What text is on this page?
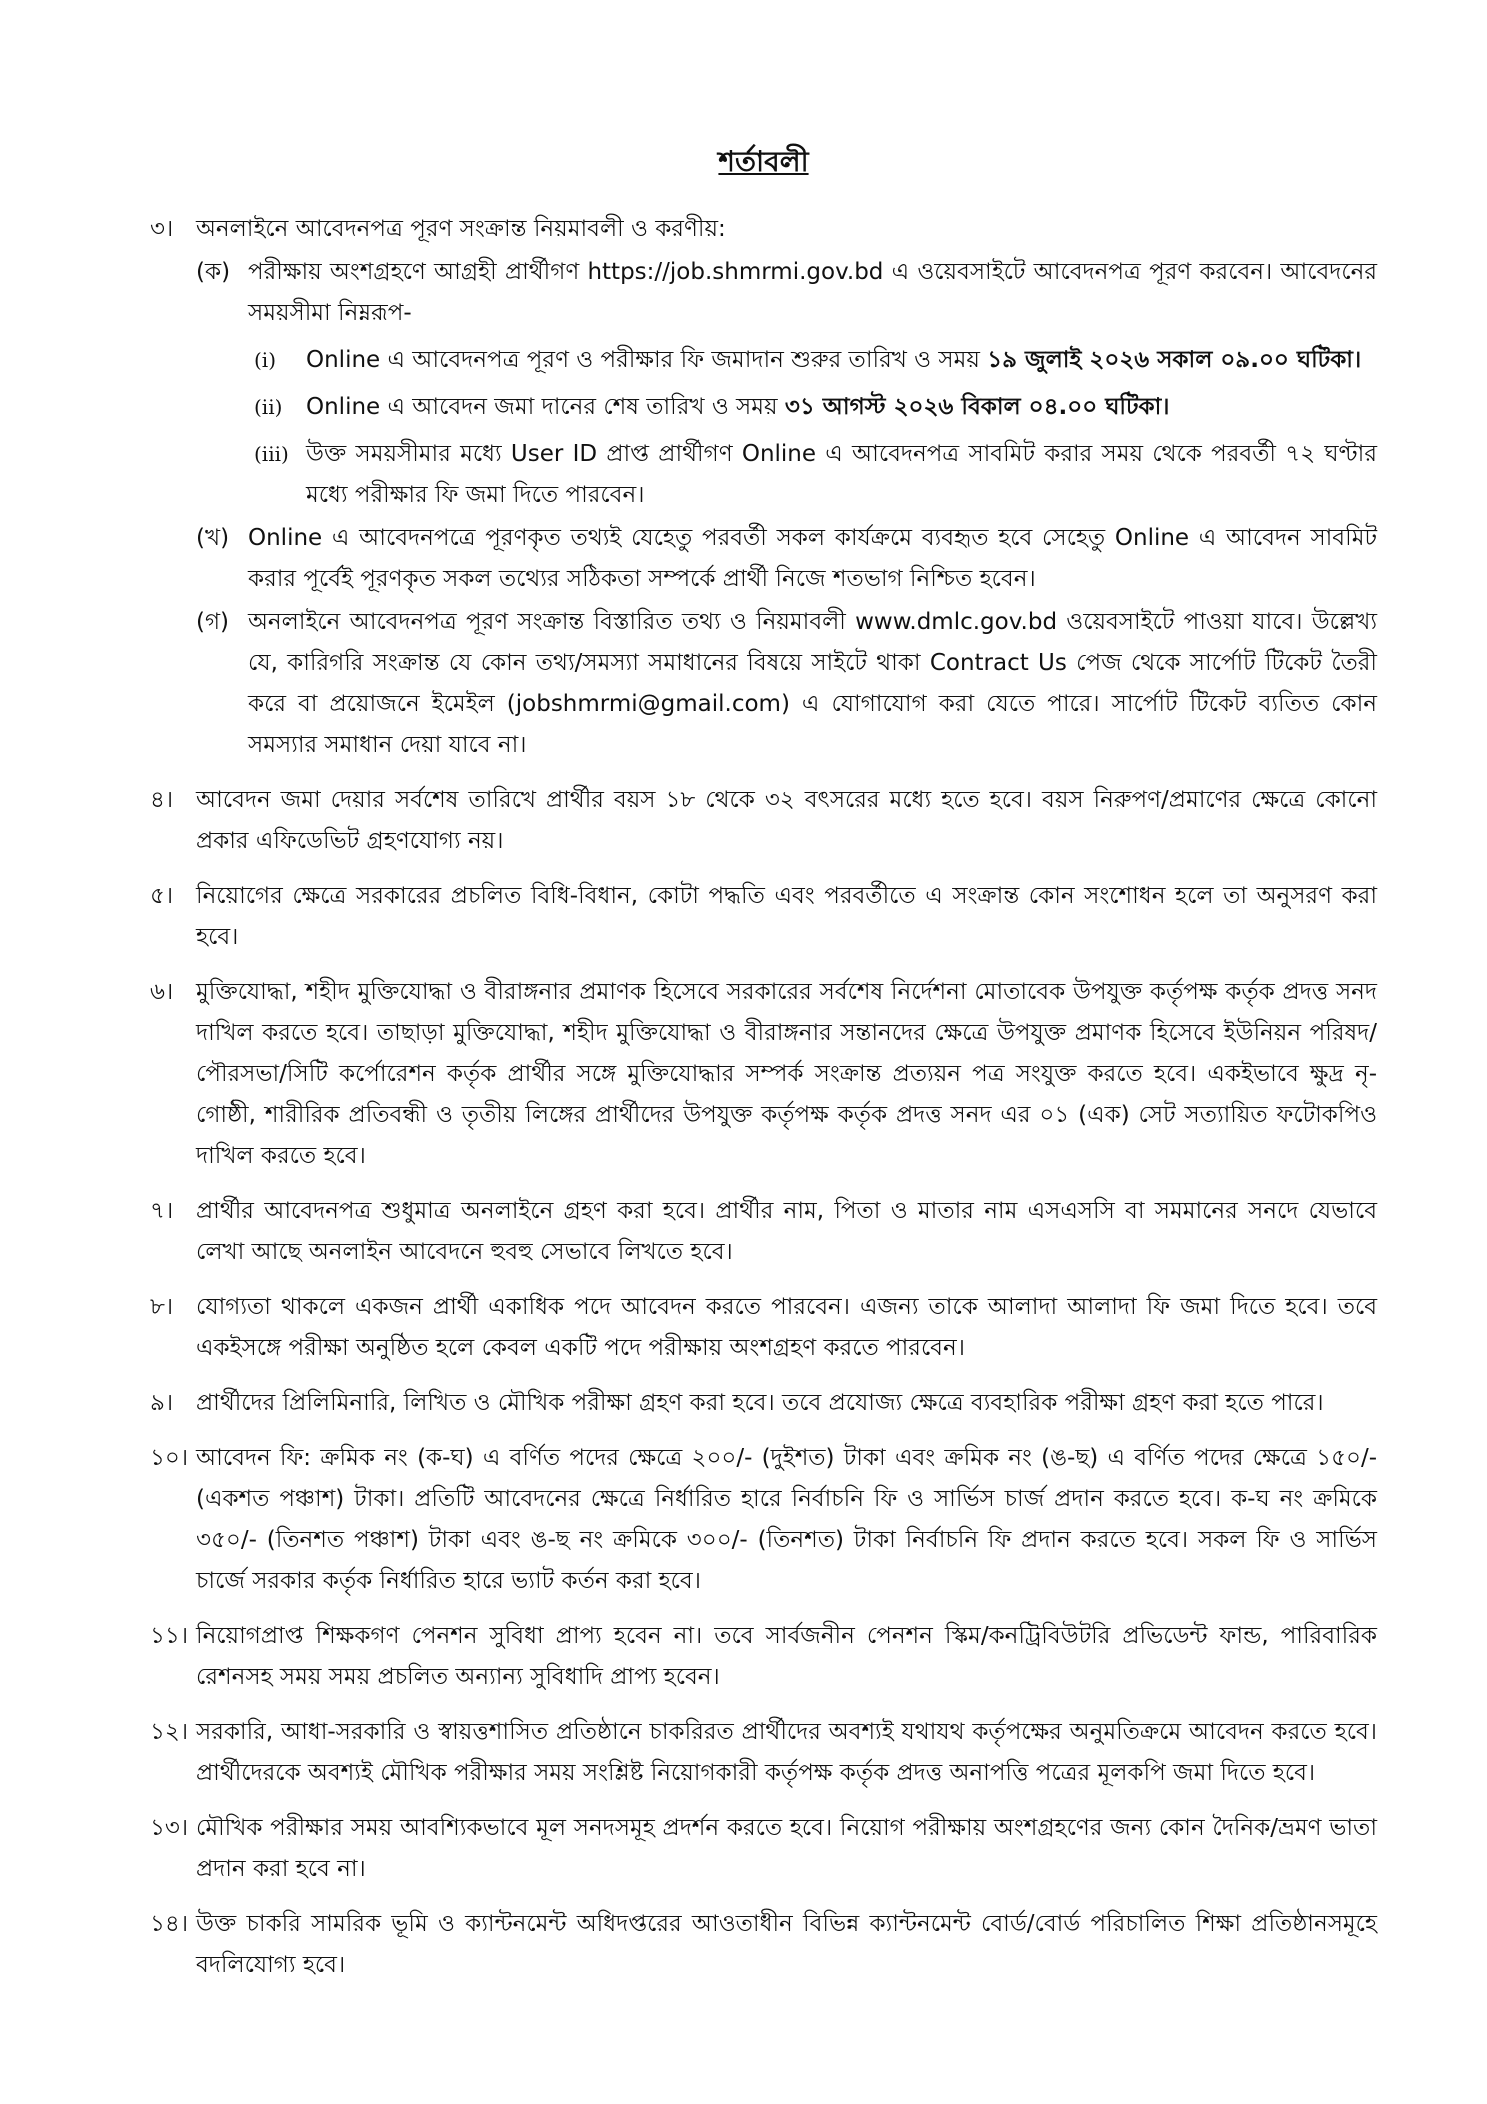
শর্তাবলী
৩। অনলাইনে আবেদনপত্র পূরণ সংক্রান্ত নিয়মাবলী ও করণীয়:
(ক) পরীক্ষায় অংশগ্রহণে আগ্রহী প্রার্থীগণ https://job.shmrmi.gov.bd এ ওয়েবসাইটে আবেদনপত্র পূরণ করবেন। আবেদনের সময়সীমা নিম্নরূপ-
(i)	Online এ আবেদনপত্র পূরণ ও পরীক্ষার ফি জমাদান শুরুর তারিখ ও সময় ১৯ জুলাই ২০২৬ সকাল ০৯.০০ ঘটিকা।
(ii)	Online এ আবেদন জমা দানের শেষ তারিখ ও সময় ৩১ আগস্ট ২০২৬ বিকাল ০৪.০০ ঘটিকা।
(iii) উক্ত সময়সীমার মধ্যে User ID প্রাপ্ত প্রার্থীগণ Online এ আবেদনপত্র সাবমিট করার সময় থেকে পরবর্তী ৭২ ঘণ্টার মধ্যে পরীক্ষার ফি জমা দিতে পারবেন।
(খ) Online এ আবেদনপত্রে পূরণকৃত তথ্যই যেহেতু পরবর্তী সকল কার্যক্রমে ব্যবহৃত হবে সেহেতু Online এ আবেদন সাবমিট করার পূর্বেই পূরণকৃত সকল তথ্যের সঠিকতা সম্পর্কে প্রার্থী নিজে শতভাগ নিশ্চিত হবেন।
(গ) অনলাইনে আবেদনপত্র পূরণ সংক্রান্ত বিস্তারিত তথ্য ও নিয়মাবলী www.dmlc.gov.bd ওয়েবসাইটে পাওয়া যাবে। উল্লেখ্য যে, কারিগরি সংক্রান্ত যে কোন তথ্য/সমস্যা সমাধানের বিষয়ে সাইটে থাকা Contract Us পেজ থেকে সার্পোট টিকেট তৈরী করে বা প্রয়োজনে ইমেইল (jobshmrmi@gmail.com) এ যোগাযোগ করা যেতে পারে। সার্পোট টিকেট ব্যতিত কোন সমস্যার সমাধান দেয়া যাবে না।
৪। আবেদন জমা দেয়ার সর্বশেষ তারিখে প্রার্থীর বয়স ১৮ থেকে ৩২ বৎসরের মধ্যে হতে হবে। বয়স নিরুপণ/প্রমাণের ক্ষেত্রে কোনো প্রকার এফিডেভিট গ্রহণযোগ্য নয়।
৫। নিয়োগের ক্ষেত্রে সরকারের প্রচলিত বিধি-বিধান, কোটা পদ্ধতি এবং পরবর্তীতে এ সংক্রান্ত কোন সংশোধন হলে তা অনুসরণ করা হবে।
৬। মুক্তিযোদ্ধা, শহীদ মুক্তিযোদ্ধা ও বীরাঙ্গনার প্রমাণক হিসেবে সরকারের সর্বশেষ নির্দেশনা মোতাবেক উপযুক্ত কর্তৃপক্ষ কর্তৃক প্রদত্ত সনদ দাখিল করতে হবে। তাছাড়া মুক্তিযোদ্ধা, শহীদ মুক্তিযোদ্ধা ও বীরাঙ্গনার সন্তানদের ক্ষেত্রে উপযুক্ত প্রমাণক হিসেবে ইউনিয়ন পরিষদ/পৌরসভা/সিটি কর্পোরেশন কর্তৃক প্রার্থীর সঙ্গে মুক্তিযোদ্ধার সম্পর্ক সংক্রান্ত প্রত্যয়ন পত্র সংযুক্ত করতে হবে। একইভাবে ক্ষুদ্র নৃ-গোষ্ঠী, শারীরিক প্রতিবন্ধী ও তৃতীয় লিঙ্গের প্রার্থীদের উপযুক্ত কর্তৃপক্ষ কর্তৃক প্রদত্ত সনদ এর ০১ (এক) সেট সত্যায়িত ফটোকপিও দাখিল করতে হবে।
৭। প্রার্থীর আবেদনপত্র শুধুমাত্র অনলাইনে গ্রহণ করা হবে। প্রার্থীর নাম, পিতা ও মাতার নাম এসএসসি বা সমমানের সনদে যেভাবে লেখা আছে অনলাইন আবেদনে হুবহু সেভাবে লিখতে হবে।
৮। যোগ্যতা থাকলে একজন প্রার্থী একাধিক পদে আবেদন করতে পারবেন। এজন্য তাকে আলাদা আলাদা ফি জমা দিতে হবে। তবে একইসঙ্গে পরীক্ষা অনুষ্ঠিত হলে কেবল একটি পদে পরীক্ষায় অংশগ্রহণ করতে পারবেন।
৯। প্রার্থীদের প্রিলিমিনারি, লিখিত ও মৌখিক পরীক্ষা গ্রহণ করা হবে। তবে প্রযোজ্য ক্ষেত্রে ব্যবহারিক পরীক্ষা গ্রহণ করা হতে পারে।
১০। আবেদন ফি: ক্রমিক নং (ক-ঘ) এ বর্ণিত পদের ক্ষেত্রে ২০০/- (দুইশত) টাকা এবং ক্রমিক নং (ঙ-ছ) এ বর্ণিত পদের ক্ষেত্রে ১৫০/- (একশত পঞ্চাশ) টাকা। প্রতিটি আবেদনের ক্ষেত্রে নির্ধারিত হারে নির্বাচনি ফি ও সার্ভিস চার্জ প্রদান করতে হবে। ক-ঘ নং ক্রমিকে ৩৫০/- (তিনশত পঞ্চাশ) টাকা এবং ঙ-ছ নং ক্রমিকে ৩০০/- (তিনশত) টাকা নির্বাচনি ফি প্রদান করতে হবে। সকল ফি ও সার্ভিস চার্জে সরকার কর্তৃক নির্ধারিত হারে ভ্যাট কর্তন করা হবে।
১১। নিয়োগপ্রাপ্ত শিক্ষকগণ পেনশন সুবিধা প্রাপ্য হবেন না। তবে সার্বজনীন পেনশন স্কিম/কনট্রিবিউটরি প্রভিডেন্ট ফান্ড, পারিবারিক রেশনসহ সময় সময় প্রচলিত অন্যান্য সুবিধাদি প্রাপ্য হবেন।
১২। সরকারি, আধা-সরকারি ও স্বায়ত্তশাসিত প্রতিষ্ঠানে চাকরিরত প্রার্থীদের অবশ্যই যথাযথ কর্তৃপক্ষের অনুমতিক্রমে আবেদন করতে হবে। প্রার্থীদেরকে অবশ্যই মৌখিক পরীক্ষার সময় সংশ্লিষ্ট নিয়োগকারী কর্তৃপক্ষ কর্তৃক প্রদত্ত অনাপত্তি পত্রের মূলকপি জমা দিতে হবে।
১৩। মৌখিক পরীক্ষার সময় আবশ্যিকভাবে মূল সনদসমূহ প্রদর্শন করতে হবে। নিয়োগ পরীক্ষায় অংশগ্রহণের জন্য কোন দৈনিক/ভ্রমণ ভাতা প্রদান করা হবে না।
১৪। উক্ত চাকরি সামরিক ভূমি ও ক্যান্টনমেন্ট অধিদপ্তরের আওতাধীন বিভিন্ন ক্যান্টনমেন্ট বোর্ড/বোর্ড পরিচালিত শিক্ষা প্রতিষ্ঠানসমূহে বদলিযোগ্য হবে।
